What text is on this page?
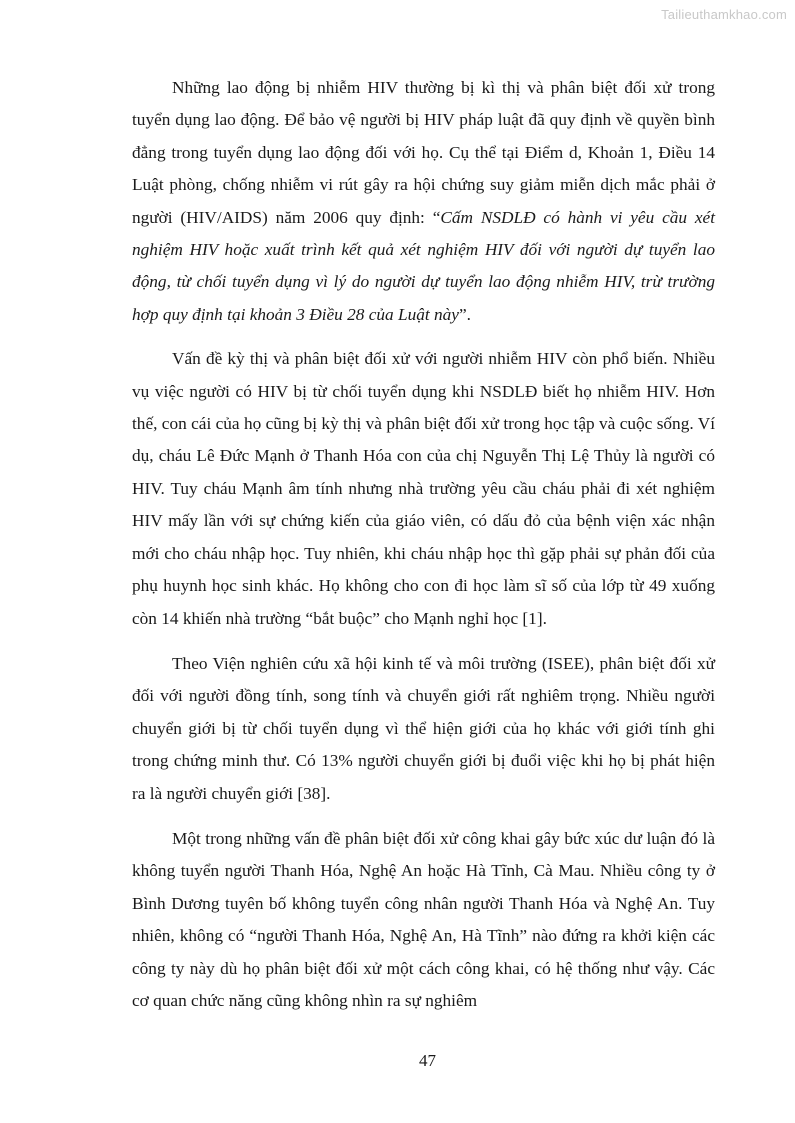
Tailieuthamkhao.com

Những lao động bị nhiễm HIV thường bị kì thị và phân biệt đối xử trong tuyển dụng lao động. Để bảo vệ người bị HIV pháp luật đã quy định về quyền bình đẳng trong tuyển dụng lao động đối với họ. Cụ thể tại Điểm d, Khoản 1, Điều 14 Luật phòng, chống nhiễm vi rút gây ra hội chứng suy giảm miễn dịch mắc phải ở người (HIV/AIDS) năm 2006 quy định: “Cấm NSDLĐ có hành vi yêu cầu xét nghiệm HIV hoặc xuất trình kết quả xét nghiệm HIV đối với người dự tuyển lao động, từ chối tuyển dụng vì lý do người dự tuyển lao động nhiễm HIV, trừ trường hợp quy định tại khoản 3 Điều 28 của Luật này”.

Vấn đề kỳ thị và phân biệt đối xử với người nhiễm HIV còn phổ biến. Nhiều vụ việc người có HIV bị từ chối tuyển dụng khi NSDLĐ biết họ nhiễm HIV. Hơn thế, con cái của họ cũng bị kỳ thị và phân biệt đối xử trong học tập và cuộc sống. Ví dụ, cháu Lê Đức Mạnh ở Thanh Hóa con của chị Nguyễn Thị Lệ Thủy là người có HIV. Tuy cháu Mạnh âm tính nhưng nhà trường yêu cầu cháu phải đi xét nghiệm HIV mấy lần với sự chứng kiến của giáo viên, có dấu đỏ của bệnh viện xác nhận mới cho cháu nhập học. Tuy nhiên, khi cháu nhập học thì gặp phải sự phản đối của phụ huynh học sinh khác. Họ không cho con đi học làm sĩ số của lớp từ 49 xuống còn 14 khiến nhà trường “bắt buộc” cho Mạnh nghỉ học [1].

Theo Viện nghiên cứu xã hội kinh tế và môi trường (ISEE), phân biệt đối xử đối với người đồng tính, song tính và chuyển giới rất nghiêm trọng. Nhiều người chuyển giới bị từ chối tuyển dụng vì thể hiện giới của họ khác với giới tính ghi trong chứng minh thư. Có 13% người chuyển giới bị đuổi việc khi họ bị phát hiện ra là người chuyển giới [38].

Một trong những vấn đề phân biệt đối xử công khai gây bức xúc dư luận đó là không tuyển người Thanh Hóa, Nghệ An hoặc Hà Tĩnh, Cà Mau. Nhiều công ty ở Bình Dương tuyên bố không tuyển công nhân người Thanh Hóa và Nghệ An. Tuy nhiên, không có “người Thanh Hóa, Nghệ An, Hà Tĩnh” nào đứng ra khởi kiện các công ty này dù họ phân biệt đối xử một cách công khai, có hệ thống như vậy. Các cơ quan chức năng cũng không nhìn ra sự nghiêm

47
